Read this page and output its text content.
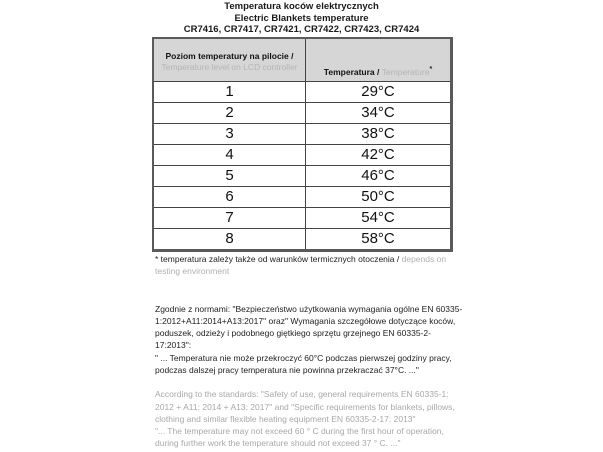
Temperatura koców elektrycznych
Electric Blankets temperature
CR7416, CR7417, CR7421, CR7422, CR7423, CR7424
Poziom temperatury na pilocie /
Temperature level on LCD controller	Temperatura / Temperature*
1	29°C
2	34°C
3	38°C
4	42°C
5	46°C
6	50°C
7	54°C
8	58°C
* temperatura zależy także od warunków termicznych otoczenia / depends on testing environment

Zgodnie z normami: "Bezpieczeństwo użytkowania wymagania ogólne EN 60335-1:2012+A11:2014+A13:2017" oraz" Wymagania szczegółowe dotyczące koców, poduszek, odzieży i podobnego giętkiego sprzętu grzejnego EN 60335-2-17:2013":

" ... Temperatura nie może przekroczyć 60°C podczas pierwszej godziny pracy, podczas dalszej pracy temperatura nie powinna przekraczać 37°C. ..."

According to the standards: "Safety of use, general requirements EN 60335-1: 2012 + A11: 2014 + A13: 2017" and "Specific requirements for blankets, pillows, clothing and similar flexible heating equipment EN 60335-2-17: 2013"

"... The temperature may not exceed 60 ° C during the first hour of operation, during further work the temperature should not exceed 37 ° C. ..."
